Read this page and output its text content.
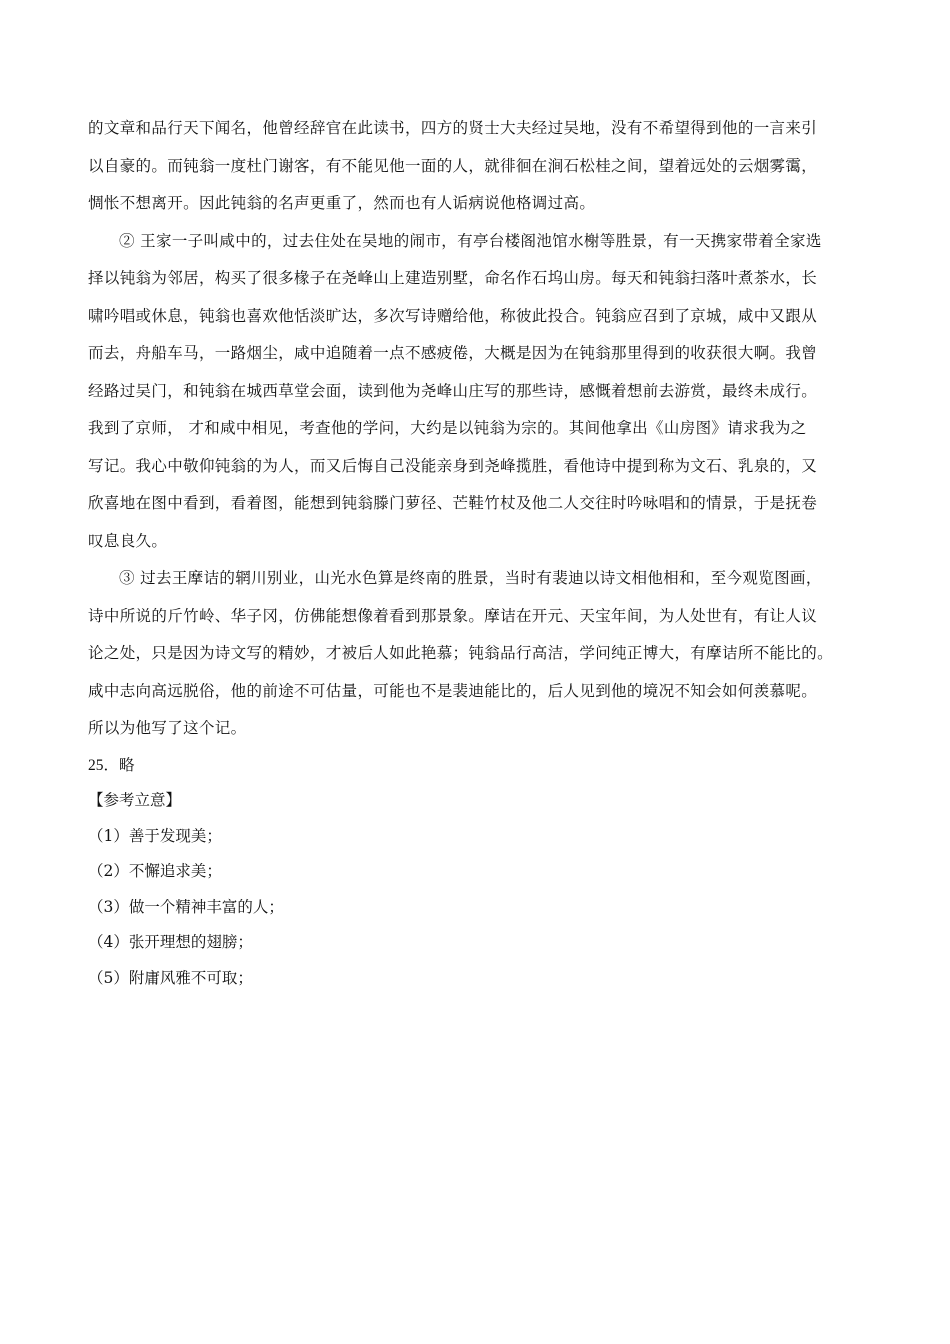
的文章和品行天下闻名，他曾经辞官在此读书，四方的贤士大夫经过吴地，没有不希望得到他的一言来引
以自豪的。而钝翁一度杜门谢客，有不能见他一面的人，就徘徊在涧石松桂之间，望着远处的云烟雾霭，
惆怅不想离开。因此钝翁的名声更重了，然而也有人诟病说他格调过高。
② 王家一子叫咸中的，过去住处在吴地的闹市，有亭台楼阁池馆水榭等胜景，有一天携家带着全家选
择以钝翁为邻居，构买了很多椽子在尧峰山上建造别墅，命名作石坞山房。每天和钝翁扫落叶煮茶水，长
啸吟唱或休息，钝翁也喜欢他恬淡旷达，多次写诗赠给他，称彼此投合。钝翁应召到了京城，咸中又跟从
而去，舟船车马，一路烟尘，咸中追随着一点不感疲倦，大概是因为在钝翁那里得到的收获很大啊。我曾
经路过吴门，和钝翁在城西草堂会面，读到他为尧峰山庄写的那些诗，感慨着想前去游赏，最终未成行。
我到了京师， 才和咸中相见，考查他的学问，大约是以钝翁为宗的。其间他拿出《山房图》请求我为之
写记。我心中敬仰钝翁的为人，而又后悔自己没能亲身到尧峰揽胜，看他诗中提到称为文石、乳泉的，又
欣喜地在图中看到，看着图，能想到钝翁滕门萝径、芒鞋竹杖及他二人交往时吟咏唱和的情景，于是抚卷
叹息良久。
③ 过去王摩诘的辋川别业，山光水色算是终南的胜景，当时有裴迪以诗文相他相和，至今观览图画，
诗中所说的斤竹岭、华子冈，仿佛能想像着看到那景象。摩诘在开元、天宝年间，为人处世有，有让人议
论之处，只是因为诗文写的精妙，才被后人如此艳慕；钝翁品行高洁，学问纯正博大，有摩诘所不能比的。
咸中志向高远脱俗，他的前途不可估量，可能也不是裴迪能比的，后人见到他的境况不知会如何羡慕呢。
所以为他写了这个记。
25．略
【参考立意】
（1）善于发现美；
（2）不懈追求美；
（3）做一个精神丰富的人；
（4）张开理想的翅膀；
（5）附庸风雅不可取；
